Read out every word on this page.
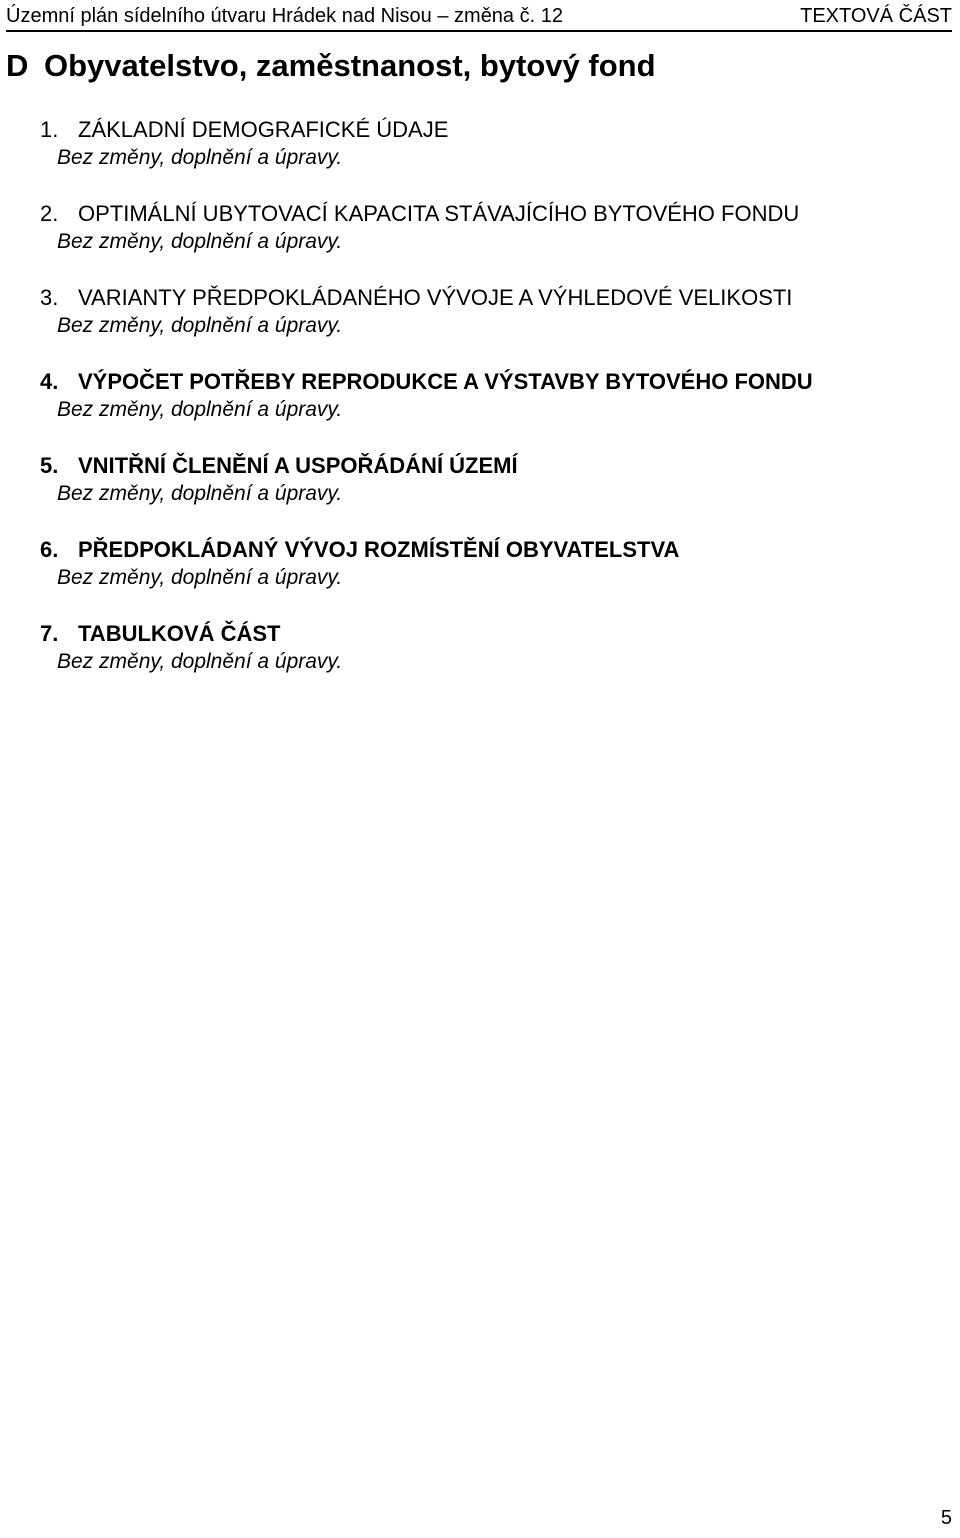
Územní plán sídelního útvaru Hrádek nad Nisou – změna č. 12	TEXTOVÁ ČÁST
D Obyvatelstvo, zaměstnanost, bytový fond
1. ZÁKLADNÍ DEMOGRAFICKÉ ÚDAJE
Bez změny, doplnění a úpravy.
2. OPTIMÁLNÍ UBYTOVACÍ KAPACITA STÁVAJÍCÍHO BYTOVÉHO FONDU
Bez změny, doplnění a úpravy.
3. VARIANTY PŘEDPOKLÁDANÉHO VÝVOJE A VÝHLEDOVÉ VELIKOSTI
Bez změny, doplnění a úpravy.
4. VÝPOČET POTŘEBY REPRODUKCE A VÝSTAVBY BYTOVÉHO FONDU
Bez změny, doplnění a úpravy.
5. VNITŘNÍ ČLENĚNÍ A USPOŘÁDÁNÍ ÚZEMÍ
Bez změny, doplnění a úpravy.
6. PŘEDPOKLÁDANÝ VÝVOJ ROZMÍSTĚNÍ OBYVATELSTVA
Bez změny, doplnění a úpravy.
7. TABULKOVÁ ČÁST
Bez změny, doplnění a úpravy.
5
